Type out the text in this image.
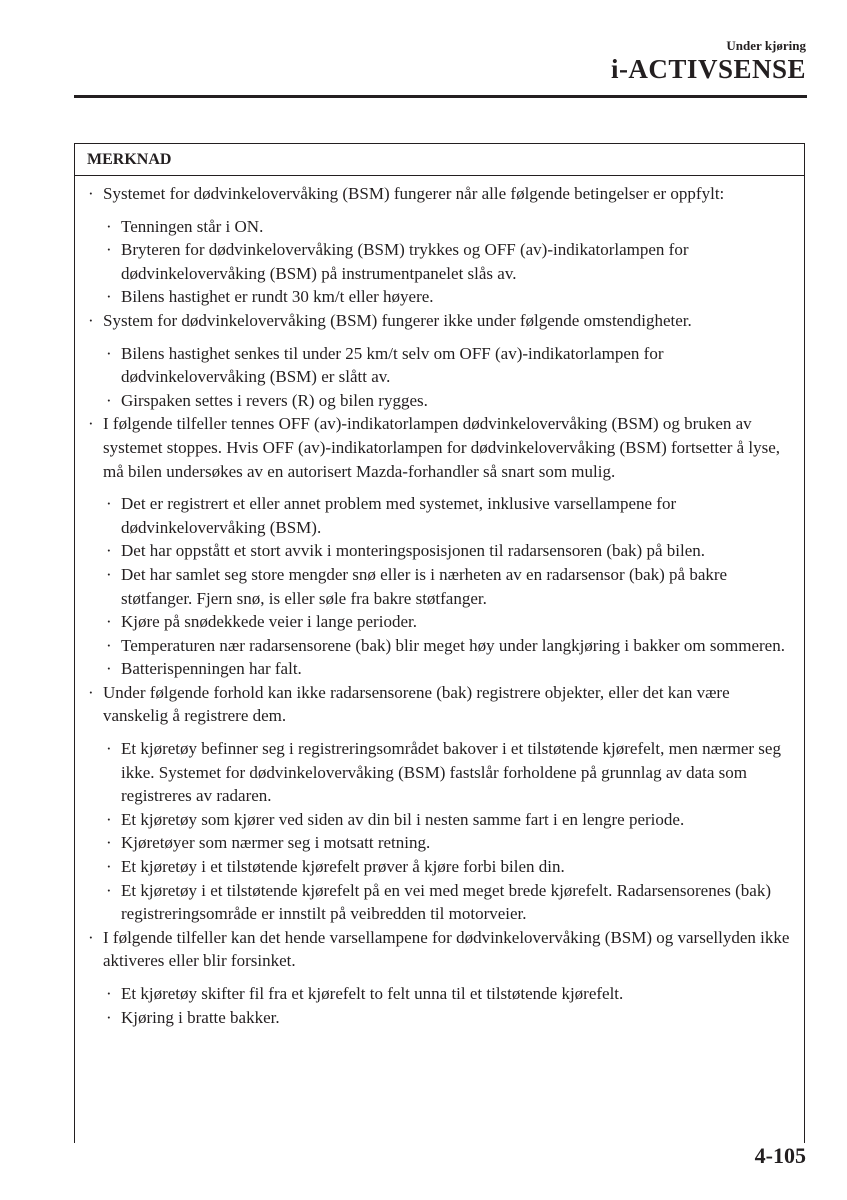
Under kjøring
i-ACTIVSENSE
MERKNAD
· Systemet for dødvinkelovervåking (BSM) fungerer når alle følgende betingelser er oppfylt:
· Tenningen står i ON.
· Bryteren for dødvinkelovervåking (BSM) trykkes og OFF (av)-indikatorlampen for dødvinkelovervåking (BSM) på instrumentpanelet slås av.
· Bilens hastighet er rundt 30 km/t eller høyere.
· System for dødvinkelovervåking (BSM) fungerer ikke under følgende omstendigheter.
· Bilens hastighet senkes til under 25 km/t selv om OFF (av)-indikatorlampen for dødvinkelovervåking (BSM) er slått av.
· Girspaken settes i revers (R) og bilen rygges.
· I følgende tilfeller tennes OFF (av)-indikatorlampen dødvinkelovervåking (BSM) og bruken av systemet stoppes. Hvis OFF (av)-indikatorlampen for dødvinkelovervåking (BSM) fortsetter å lyse, må bilen undersøkes av en autorisert Mazda-forhandler så snart som mulig.
· Det er registrert et eller annet problem med systemet, inklusive varsellampene for dødvinkelovervåking (BSM).
· Det har oppstått et stort avvik i monteringsposisjonen til radarsensoren (bak) på bilen.
· Det har samlet seg store mengder snø eller is i nærheten av en radarsensor (bak) på bakre støtfanger. Fjern snø, is eller søle fra bakre støtfanger.
· Kjøre på snødekkede veier i lange perioder.
· Temperaturen nær radarsensorene (bak) blir meget høy under langkjøring i bakker om sommeren.
· Batterispenningen har falt.
· Under følgende forhold kan ikke radarsensorene (bak) registrere objekter, eller det kan være vanskelig å registrere dem.
· Et kjøretøy befinner seg i registreringsområdet bakover i et tilstøtende kjørefelt, men nærmer seg ikke. Systemet for dødvinkelovervåking (BSM) fastslår forholdene på grunnlag av data som registreres av radaren.
· Et kjøretøy som kjører ved siden av din bil i nesten samme fart i en lengre periode.
· Kjøretøyer som nærmer seg i motsatt retning.
· Et kjøretøy i et tilstøtende kjørefelt prøver å kjøre forbi bilen din.
· Et kjøretøy i et tilstøtende kjørefelt på en vei med meget brede kjørefelt. Radarsensorenes (bak) registreringsområde er innstilt på veibredden til motorveier.
· I følgende tilfeller kan det hende varsellampene for dødvinkelovervåking (BSM) og varsellyden ikke aktiveres eller blir forsinket.
· Et kjøretøy skifter fil fra et kjørefelt to felt unna til et tilstøtende kjørefelt.
· Kjøring i bratte bakker.
4-105
